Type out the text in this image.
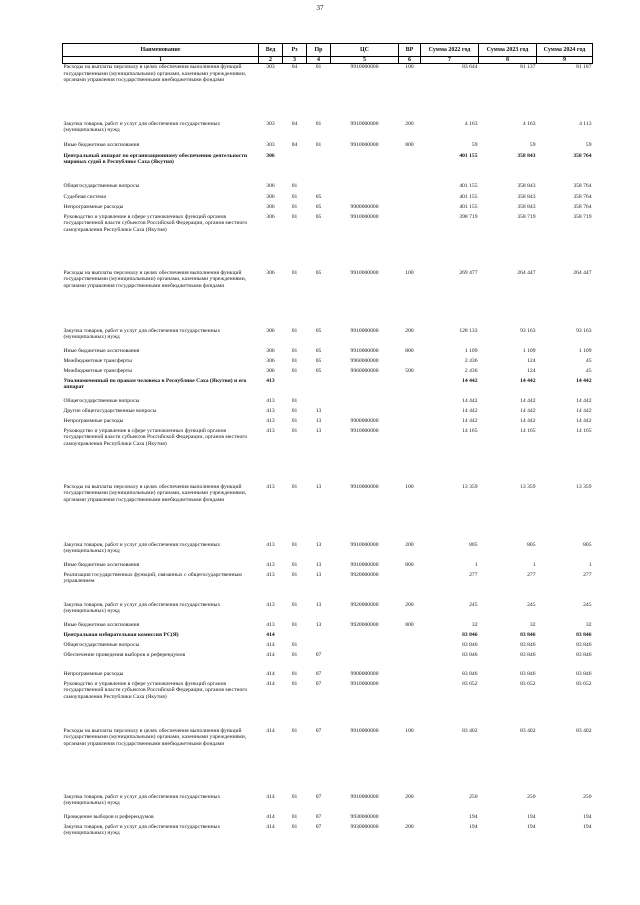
37
Наименование	Вед	Рз	Пр	ЦС	ВР	Сумма 2022 год	Сумма 2023 год	Сумма 2024 год
1	2	3	4	5	6	7	8	9
Расходы на выплаты персоналу в целях обеспечения выполнения функций государственными (муниципальными) органами, казенными учреждениями, органами управления государственными внебюджетными фондами	303	04	01	9910000000	100	83 644	81 137	81 187
Закупка товаров, работ и услуг для обеспечения государственных (муниципальных) нужд	303	04	01	9910000000	200	4 163	4 163	4 113
Иные бюджетные ассигнования	303	04	01	9910000000	800	59	59	59
Центральный аппарат по организационному обеспечению деятельности мировых судей в Республике Саха (Якутия)	306					401 155	358 843	358 764
Общегосударственные вопросы	306	01				401 155	358 843	358 764
Судебная система	306	01	05			401 155	358 843	358 764
Непрограммные расходы	306	01	05	9900000000		401 155	358 843	358 764
Руководство и управление в сфере установленных функций органов государственной власти субъектов Российской Федерации, органов местного самоуправления Республики Саха (Якутия)	306	01	05	9910000000		398 719	358 719	358 719
Расходы на выплаты персоналу в целях обеспечения выполнения функций государственными (муниципальными) органами, казенными учреждениями, органами управления государственными внебюджетными фондами	306	01	05	9910000000	100	269 477	264 447	264 447
Закупка товаров, работ и услуг для обеспечения государственных (муниципальных) нужд	306	01	05	9910000000	200	128 133	93 163	93 163
Иные бюджетные ассигнования	306	01	05	9910000000	800	1 109	1 109	1 109
Межбюджетные трансферты	306	01	05	9960000000		2 436	124	45
Межбюджетные трансферты	306	01	05	9960000000	500	2 436	124	45
Уполномоченный по правам человека в Республике Саха (Якутия) и его аппарат	413					14 442	14 442	14 442
Общегосударственные вопросы	413	01				14 442	14 442	14 442
Другие общегосударственные вопросы	413	01	13			14 442	14 442	14 442
Непрограммные расходы	413	01	13	9900000000		14 442	14 442	14 442
Руководство и управление в сфере установленных функций органов государственной власти субъектов Российской Федерации, органов местного самоуправления Республики Саха (Якутия)	413	01	13	9910000000		14 165	14 165	14 165
Расходы на выплаты персоналу в целях обеспечения выполнения функций государственными (муниципальными) органами, казенными учреждениями, органами управления государственными внебюджетными фондами	413	01	13	9910000000	100	13 359	13 359	13 359
Закупка товаров, работ и услуг для обеспечения государственных (муниципальных) нужд	413	01	13	9910000000	200	805	805	805
Иные бюджетные ассигнования	413	01	13	9910000000	800	1	1	1
Реализация государственных функций, связанных с общегосударственным управлением	413	01	13	9920000000		277	277	277
Закупка товаров, работ и услуг для обеспечения государственных (муниципальных) нужд	413	01	13	9920000000	200	245	245	245
Иные бюджетные ассигнования	413	01	13	9920000000	800	32	32	32
Центральная избирательная комиссия РС(Я)	414					83 846	83 846	83 846
Общегосударственные вопросы	414	01				83 846	83 846	83 846
Обеспечение проведения выборов и референдумов	414	01	07			83 846	83 846	83 846
Непрограммные расходы	414	01	07	9900000000		83 846	83 846	83 846
Руководство и управление в сфере установленных функций органов государственной власти субъектов Российской Федерации, органов местного самоуправления Республики Саха (Якутия)	414	01	07	9910000000		83 652	83 652	83 652
Расходы на выплаты персоналу в целях обеспечения выполнения функций государственными (муниципальными) органами, казенными учреждениями, органами управления государственными внебюджетными фондами	414	01	07	9910000000	100	83 402	83 402	83 402
Закупка товаров, работ и услуг для обеспечения государственных (муниципальных) нужд	414	01	07	9910000000	200	250	250	250
Проведение выборов и референдумов	414	01	07	9930000000		194	194	194
Закупка товаров, работ и услуг для обеспечения государственных (муниципальных) нужд	414	01	07	9930000000	200	194	194	194
